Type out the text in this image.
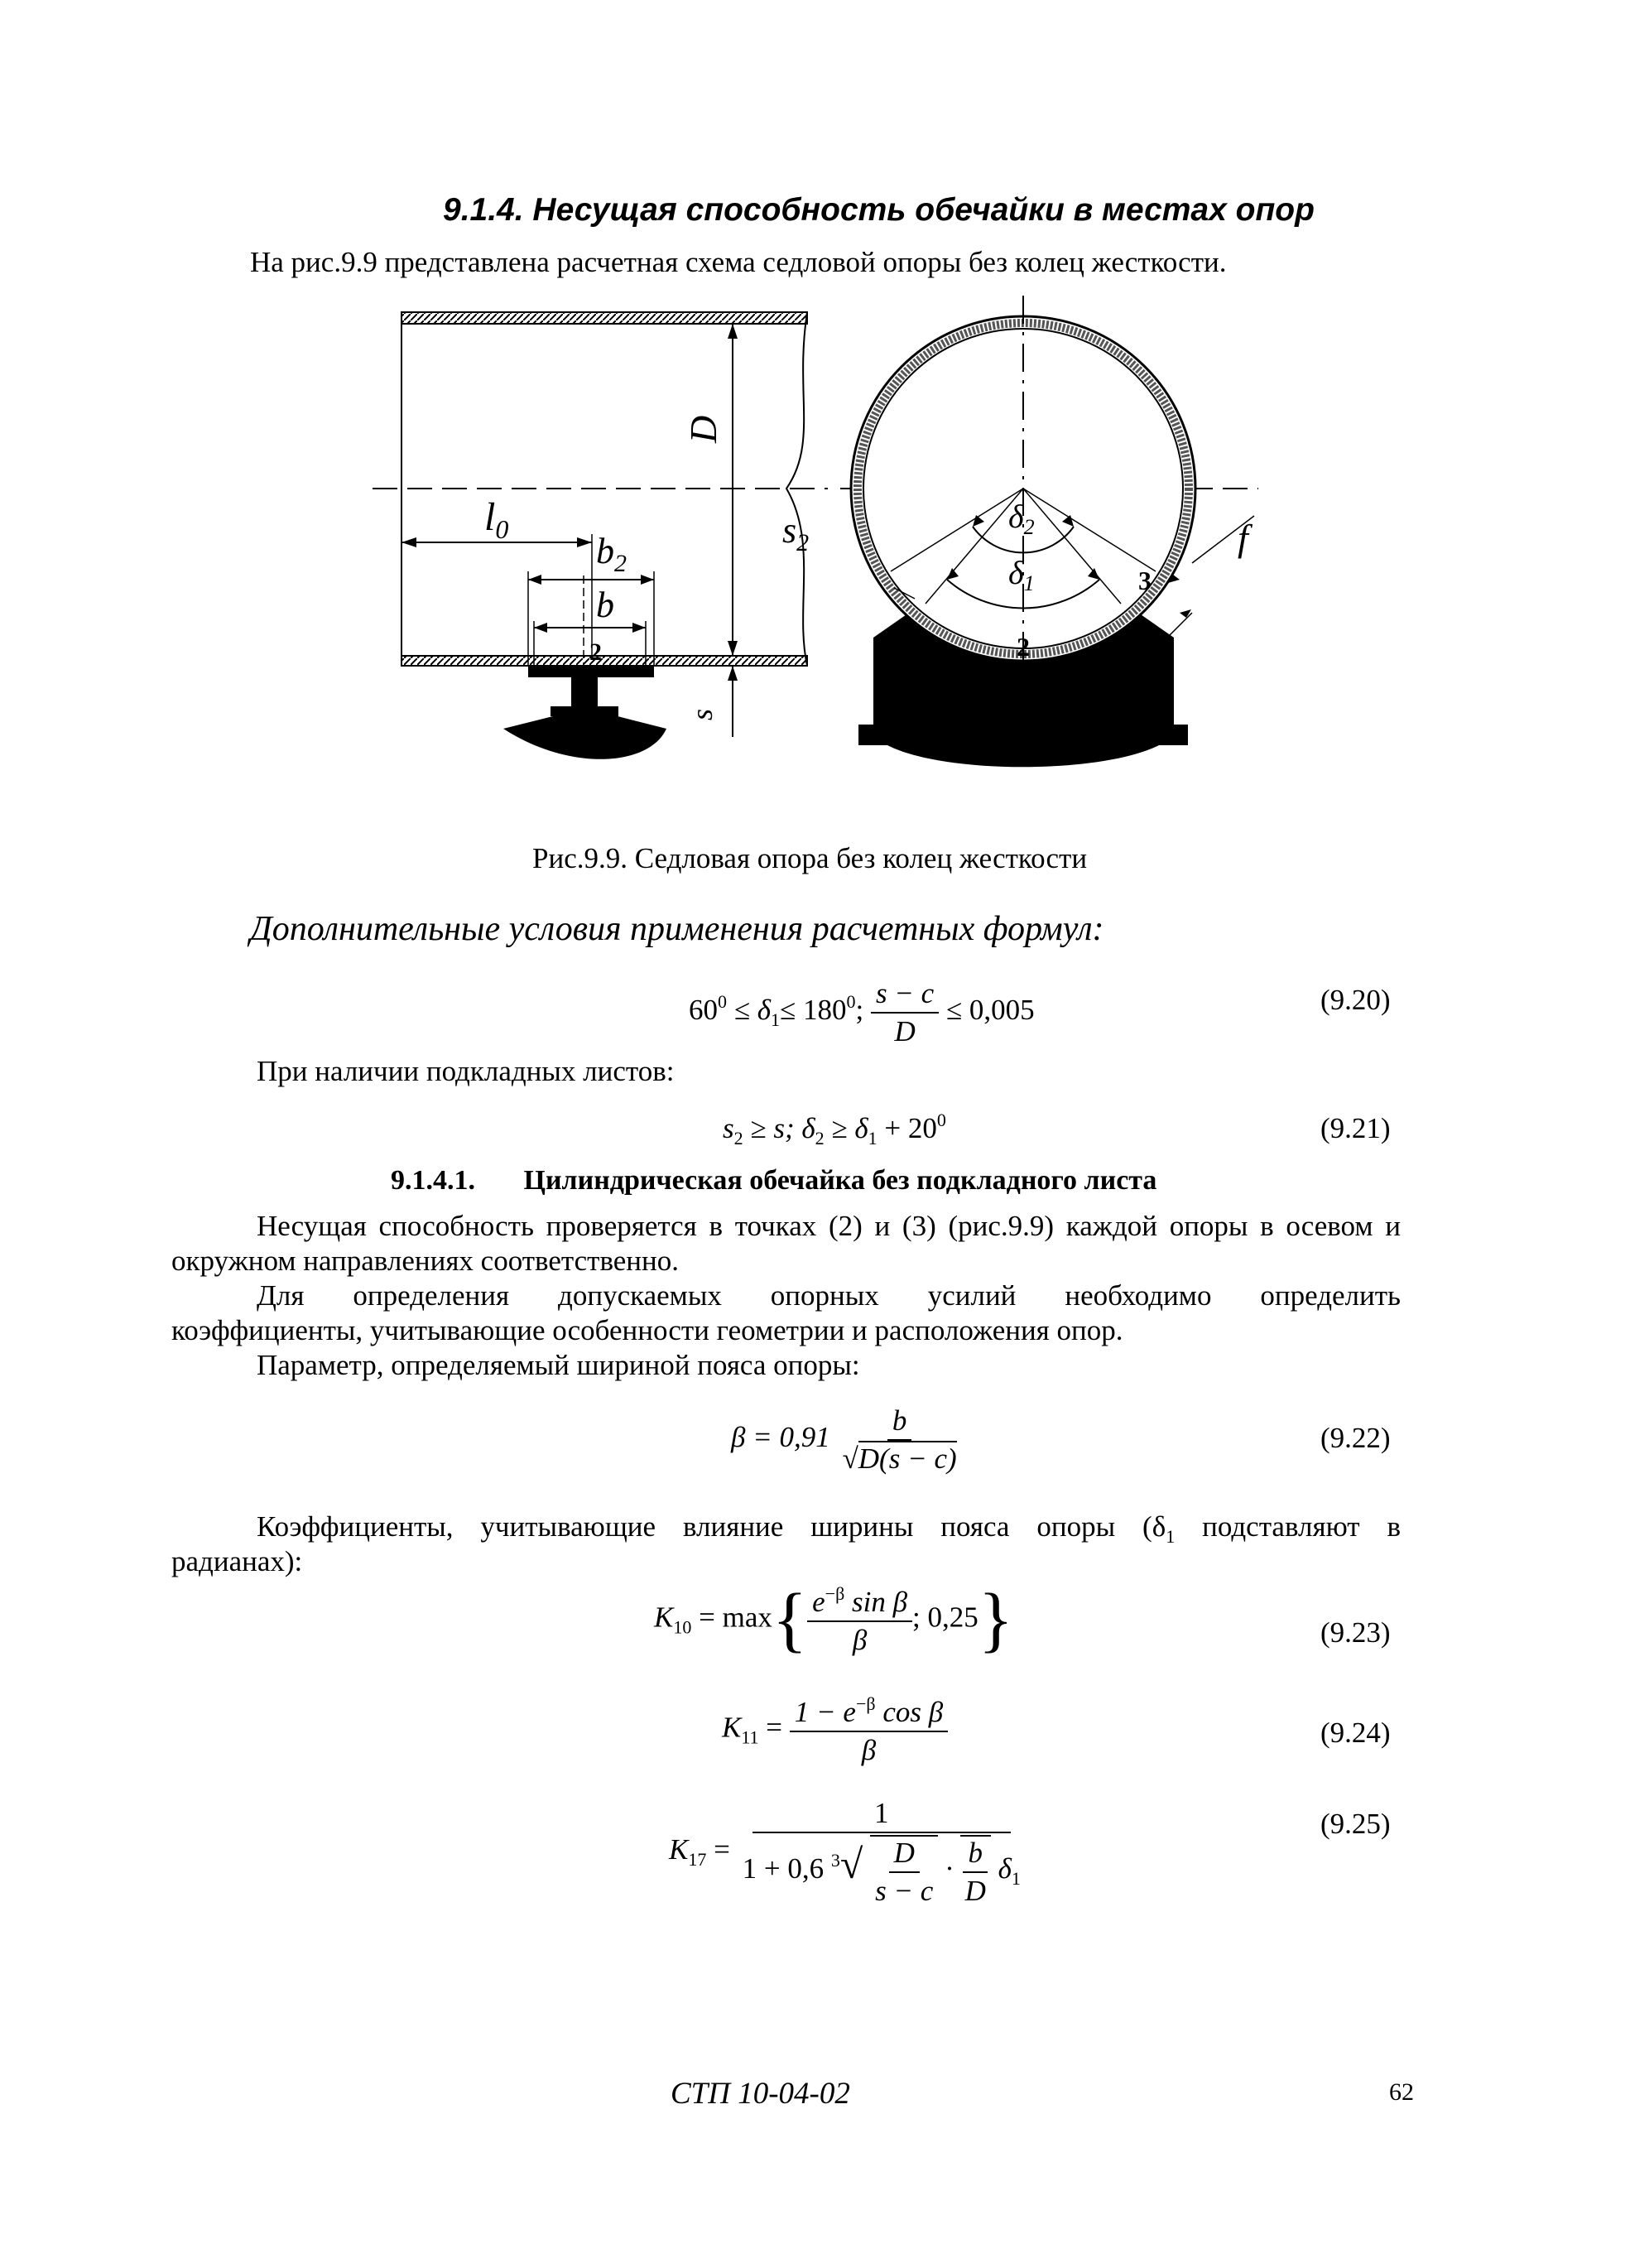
9.1.4. Несущая способность обечайки в местах опор
На рис.9.9 представлена расчетная схема седловой опоры без колец жесткости.
D
s
$l_0$
$b_2$
b
2
$s_2$
$\delta_2$
$\delta_1$
2
3
f
Рис.9.9. Седловая опора без колец жесткости
Дополнительные условия применения расчетных формул:
$60^0 \le \delta_1\le 180^0$; $\frac{s - c}{D} \le 0,005$	(9.20)
При наличии подкладных листов:
$s_2 \ge s$; $\delta_2 \ge \delta_1 + 20^0$	(9.21)
9.1.4.1. Цилиндрическая обечайка без подкладного листа
Несущая способность проверяется в точках (2) и (3) (рис.9.9) каждой опоры в осевом и
окружном направлениях соответственно.
Для определения допускаемых опорных усилий необходимо определить
коэффициенты, учитывающие особенности геометрии и расположения опор.
Параметр, определяемый шириной пояса опоры:
$\beta = 0,91 \frac{b}{√D(s - c)}$	(9.22)
Коэффициенты, учитывающие влияние ширины пояса опоры ($\delta_1$ подставляют в
радианах):
$K_{10} = \max\{ \frac{e^{-\beta} \sin \beta}{\beta}$ ; 0,25}	(9.23)
$K_{11} = \frac{1 - e^{-\beta} \cos \beta}{\beta}$	(9.24)
$K_{17} = \frac{1}{1 + 0,6 ^3√ \frac{D}{s - c} \cdot \frac{b}{D} \delta_1}$	(9.25)
СТП 10-04-02	62
